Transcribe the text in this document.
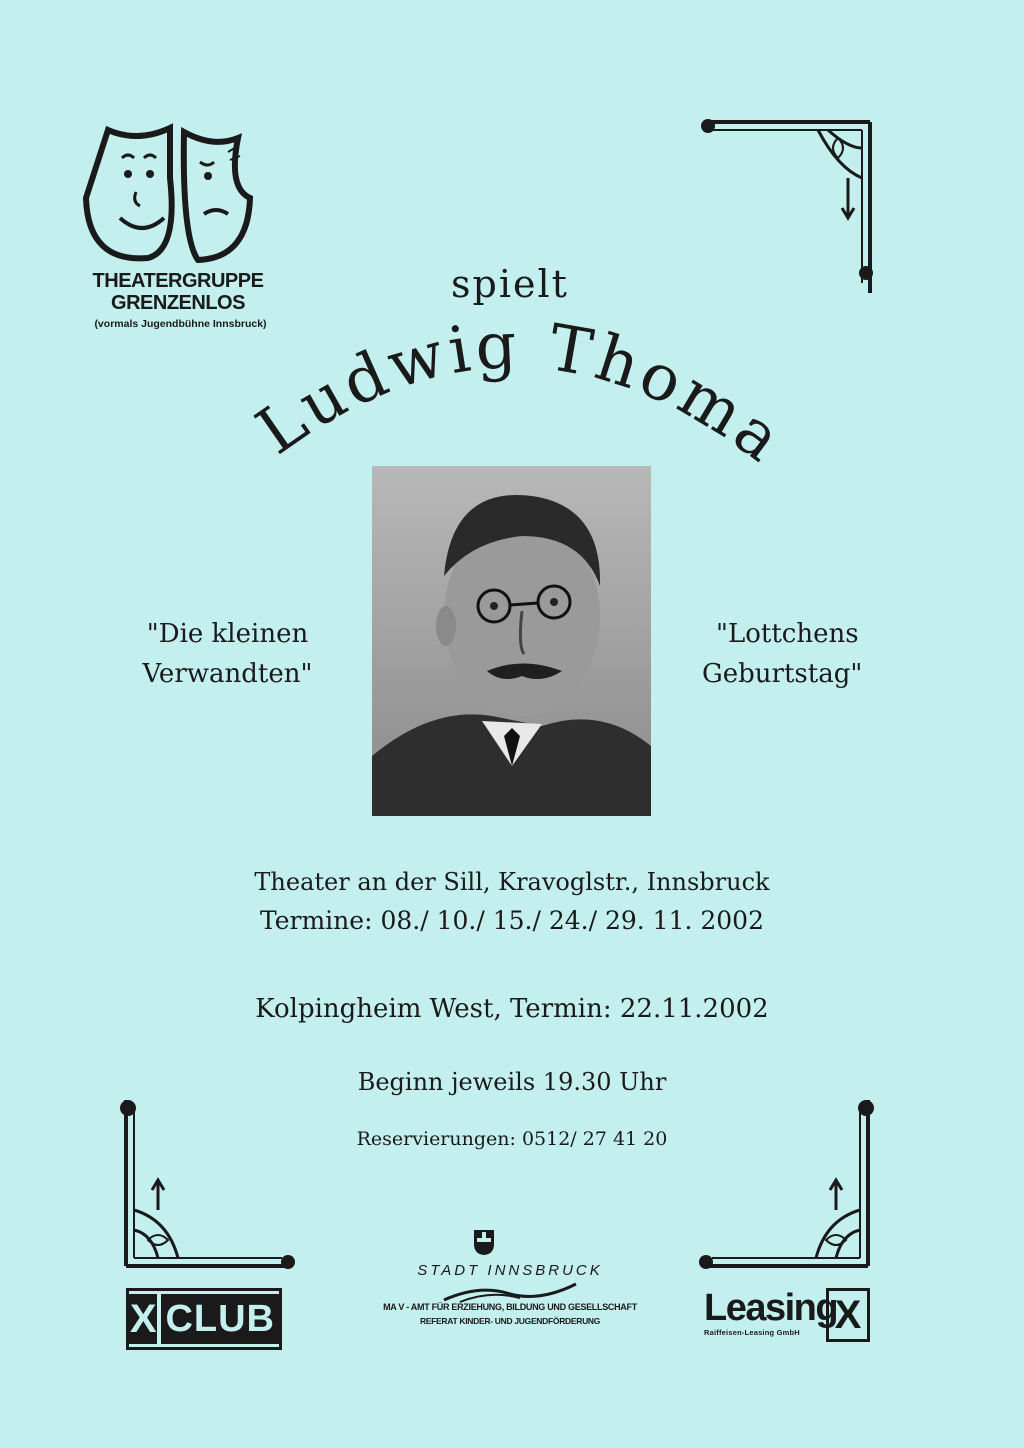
THEATERGRUPPE
GRENZENLOS
(vormals Jugendbühne Innsbruck)
spielt
Ludwig Thoma
"Die kleinen
Verwandten"
"Lottchens
Geburtstag"
Theater an der Sill, Kravoglstr., Innsbruck
Termine: 08./ 10./ 15./ 24./ 29. 11. 2002
Kolpingheim West, Termin: 22.11.2002
Beginn jeweils 19.30 Uhr
Reservierungen: 0512/ 27 41 20
X CLUB
STADT INNSBRUCK
MA V - AMT FÜR ERZIEHUNG, BILDUNG UND GESELLSCHAFT
REFERAT KINDER- UND JUGENDFÖRDERUNG	Leasing
Raiffeisen-Leasing GmbH X
